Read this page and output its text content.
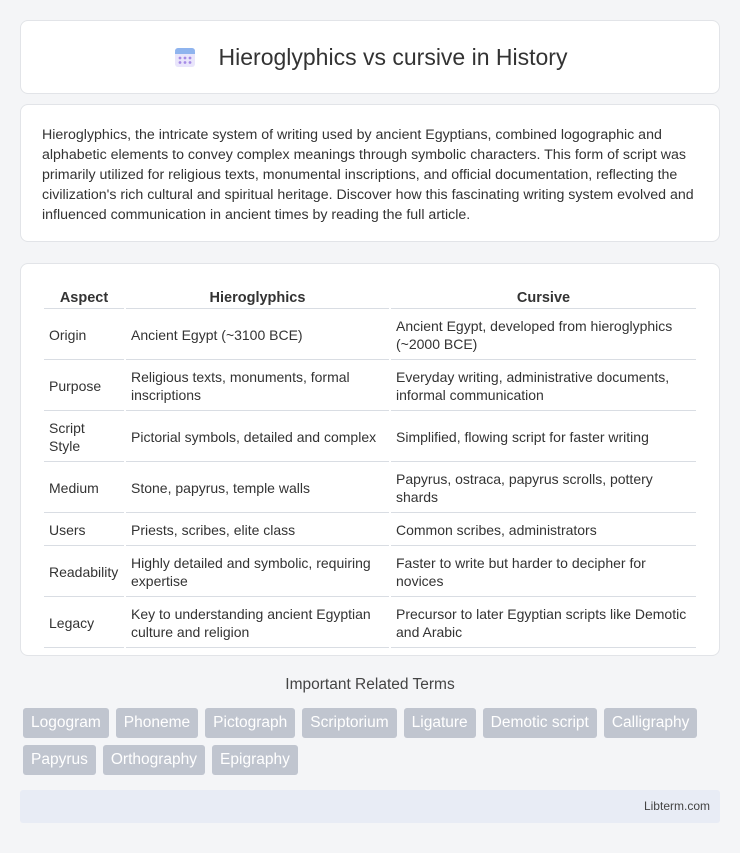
Hieroglyphics vs cursive in History

Hieroglyphics, the intricate system of writing used by ancient Egyptians, combined logographic and alphabetic elements to convey complex meanings through symbolic characters. This form of script was primarily utilized for religious texts, monumental inscriptions, and official documentation, reflecting the civilization's rich cultural and spiritual heritage. Discover how this fascinating writing system evolved and influenced communication in ancient times by reading the full article.

Aspect	Hieroglyphics	Cursive
Origin	Ancient Egypt (~3100 BCE)	Ancient Egypt, developed from hieroglyphics (~2000 BCE)
Purpose	Religious texts, monuments, formal inscriptions	Everyday writing, administrative documents, informal communication
Script Style	Pictorial symbols, detailed and complex	Simplified, flowing script for faster writing
Medium	Stone, papyrus, temple walls	Papyrus, ostraca, papyrus scrolls, pottery shards
Users	Priests, scribes, elite class	Common scribes, administrators
Readability	Highly detailed and symbolic, requiring expertise	Faster to write but harder to decipher for novices
Legacy	Key to understanding ancient Egyptian culture and religion	Precursor to later Egyptian scripts like Demotic and Arabic
Important Related Terms
Logogram	Phoneme	Pictograph	Scriptorium	Ligature	Demotic script	Calligraphy
Papyrus	Orthography	Epigraphy
Libterm.com
